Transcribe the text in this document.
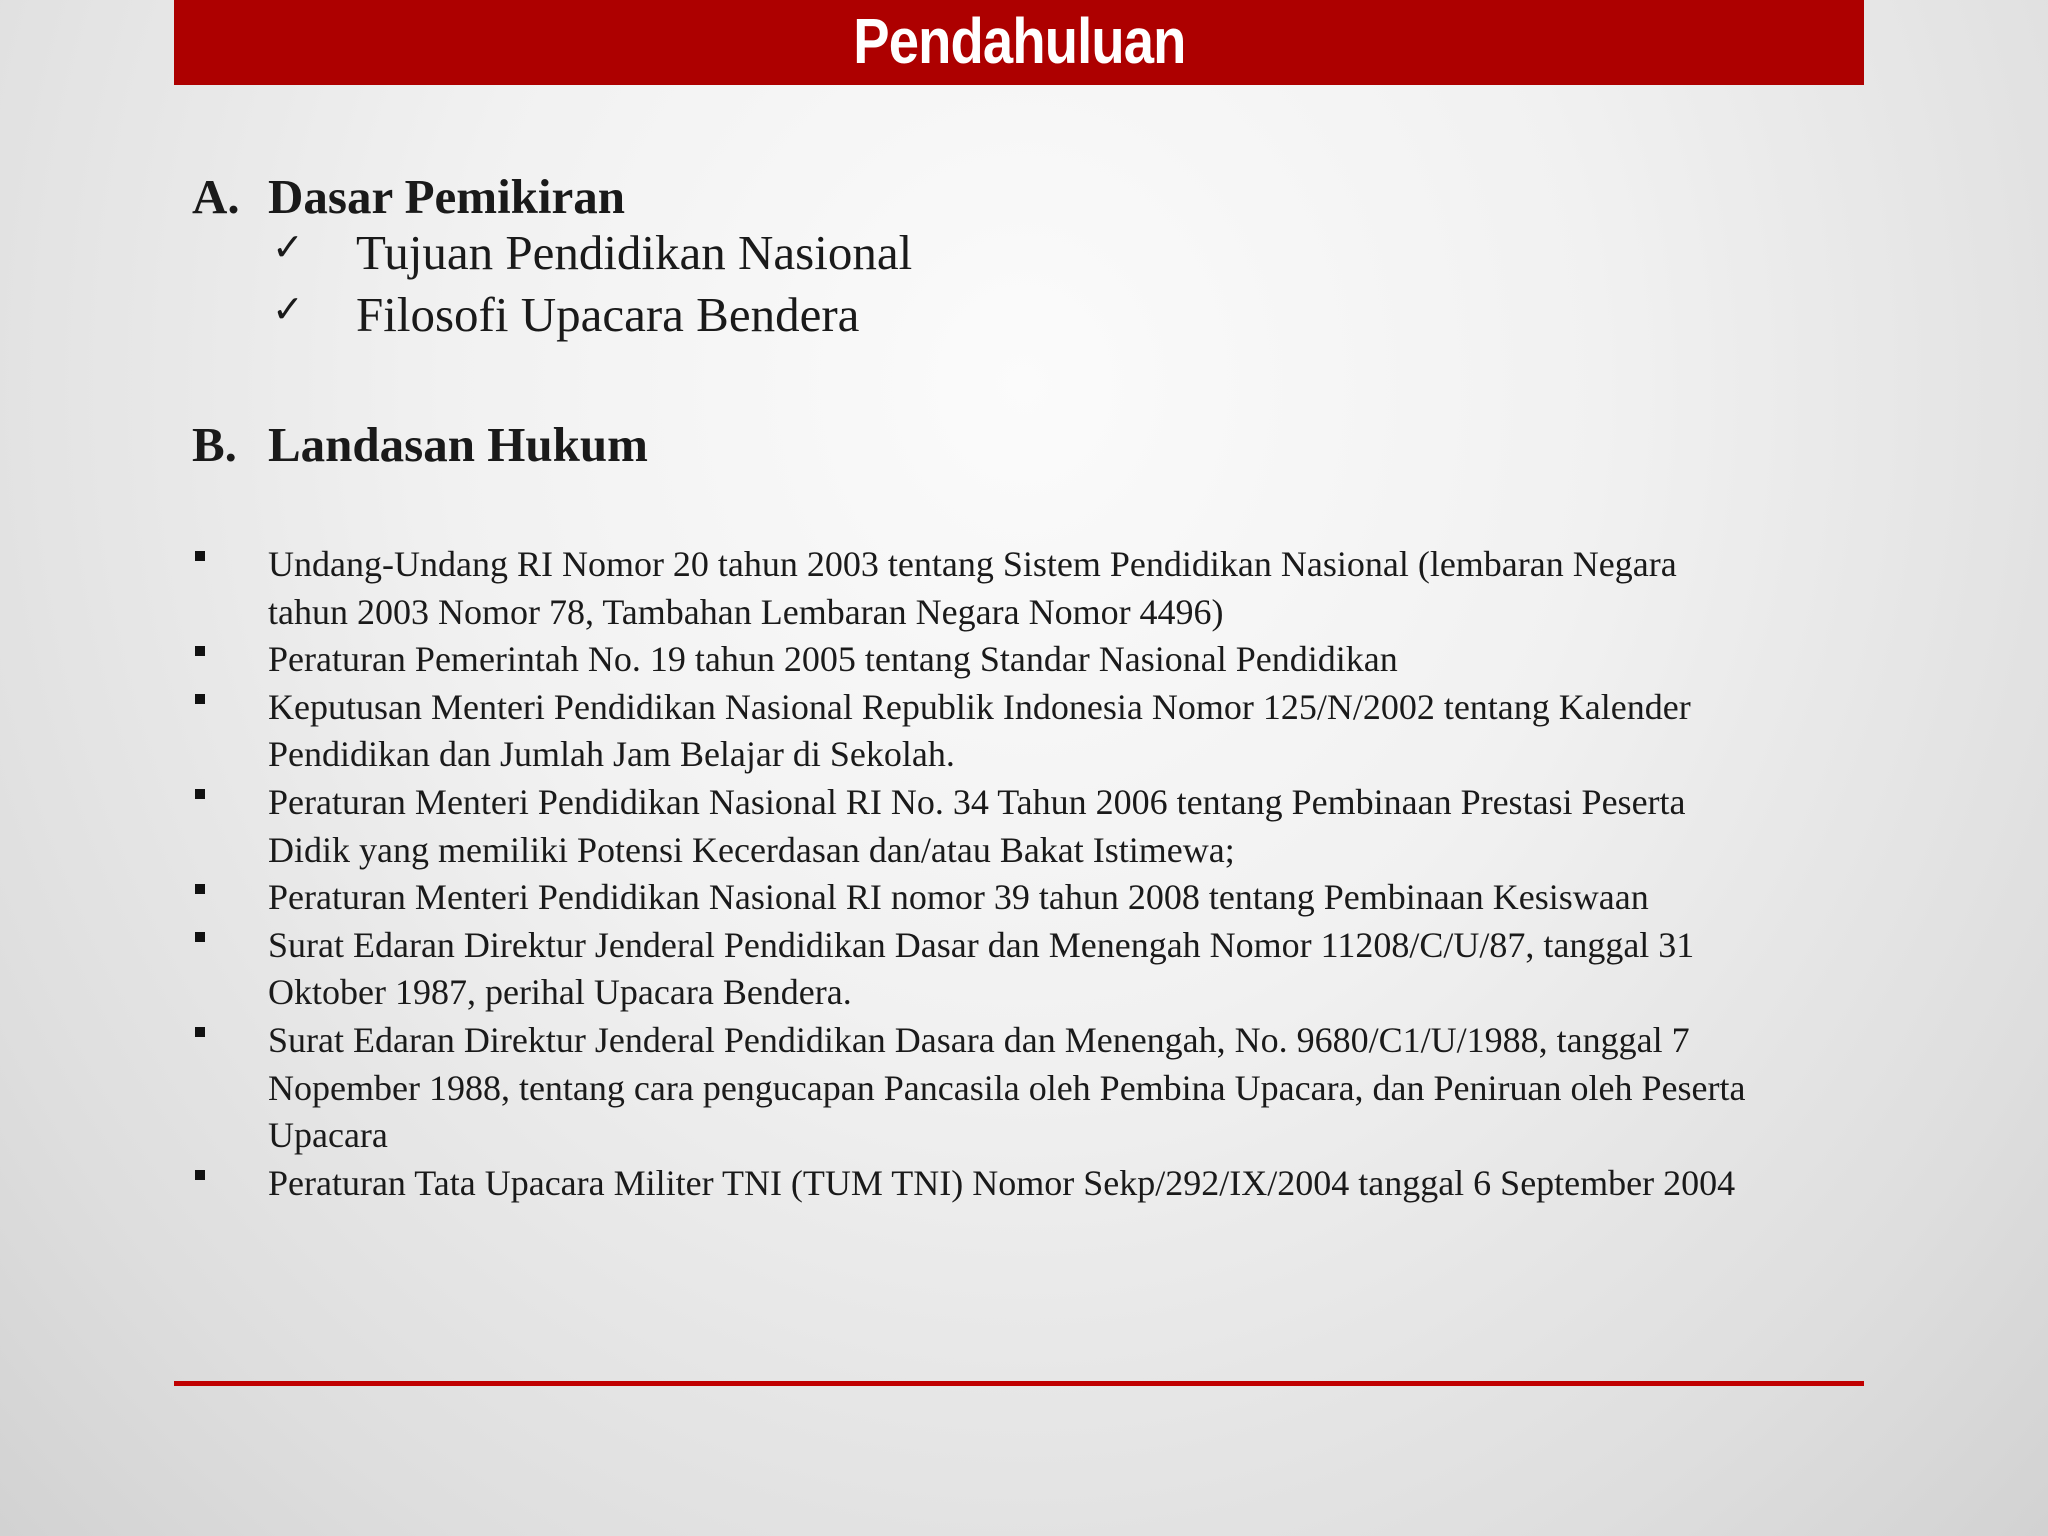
Pendahuluan
A. Dasar Pemikiran
✓	Tujuan Pendidikan Nasional
✓	Filosofi Upacara Bendera
B. Landasan Hukum
Undang-Undang RI Nomor 20 tahun 2003 tentang Sistem Pendidikan Nasional (lembaran Negara tahun 2003 Nomor 78, Tambahan Lembaran Negara Nomor 4496)
Peraturan Pemerintah No. 19 tahun 2005 tentang Standar Nasional Pendidikan
Keputusan Menteri Pendidikan Nasional Republik Indonesia Nomor 125/N/2002 tentang Kalender Pendidikan dan Jumlah Jam Belajar di Sekolah.
Peraturan Menteri Pendidikan Nasional RI No. 34 Tahun 2006 tentang Pembinaan Prestasi Peserta Didik yang memiliki Potensi Kecerdasan dan/atau Bakat Istimewa;
Peraturan Menteri Pendidikan Nasional RI nomor 39 tahun 2008 tentang Pembinaan Kesiswaan
Surat Edaran Direktur Jenderal Pendidikan Dasar dan Menengah Nomor 11208/C/U/87, tanggal 31 Oktober 1987, perihal Upacara Bendera.
Surat Edaran Direktur Jenderal Pendidikan Dasara dan Menengah, No. 9680/C1/U/1988, tanggal 7 Nopember 1988, tentang cara pengucapan Pancasila oleh Pembina Upacara, dan Peniruan oleh Peserta Upacara
Peraturan Tata Upacara Militer TNI (TUM TNI) Nomor Sekp/292/IX/2004 tanggal 6 September 2004
